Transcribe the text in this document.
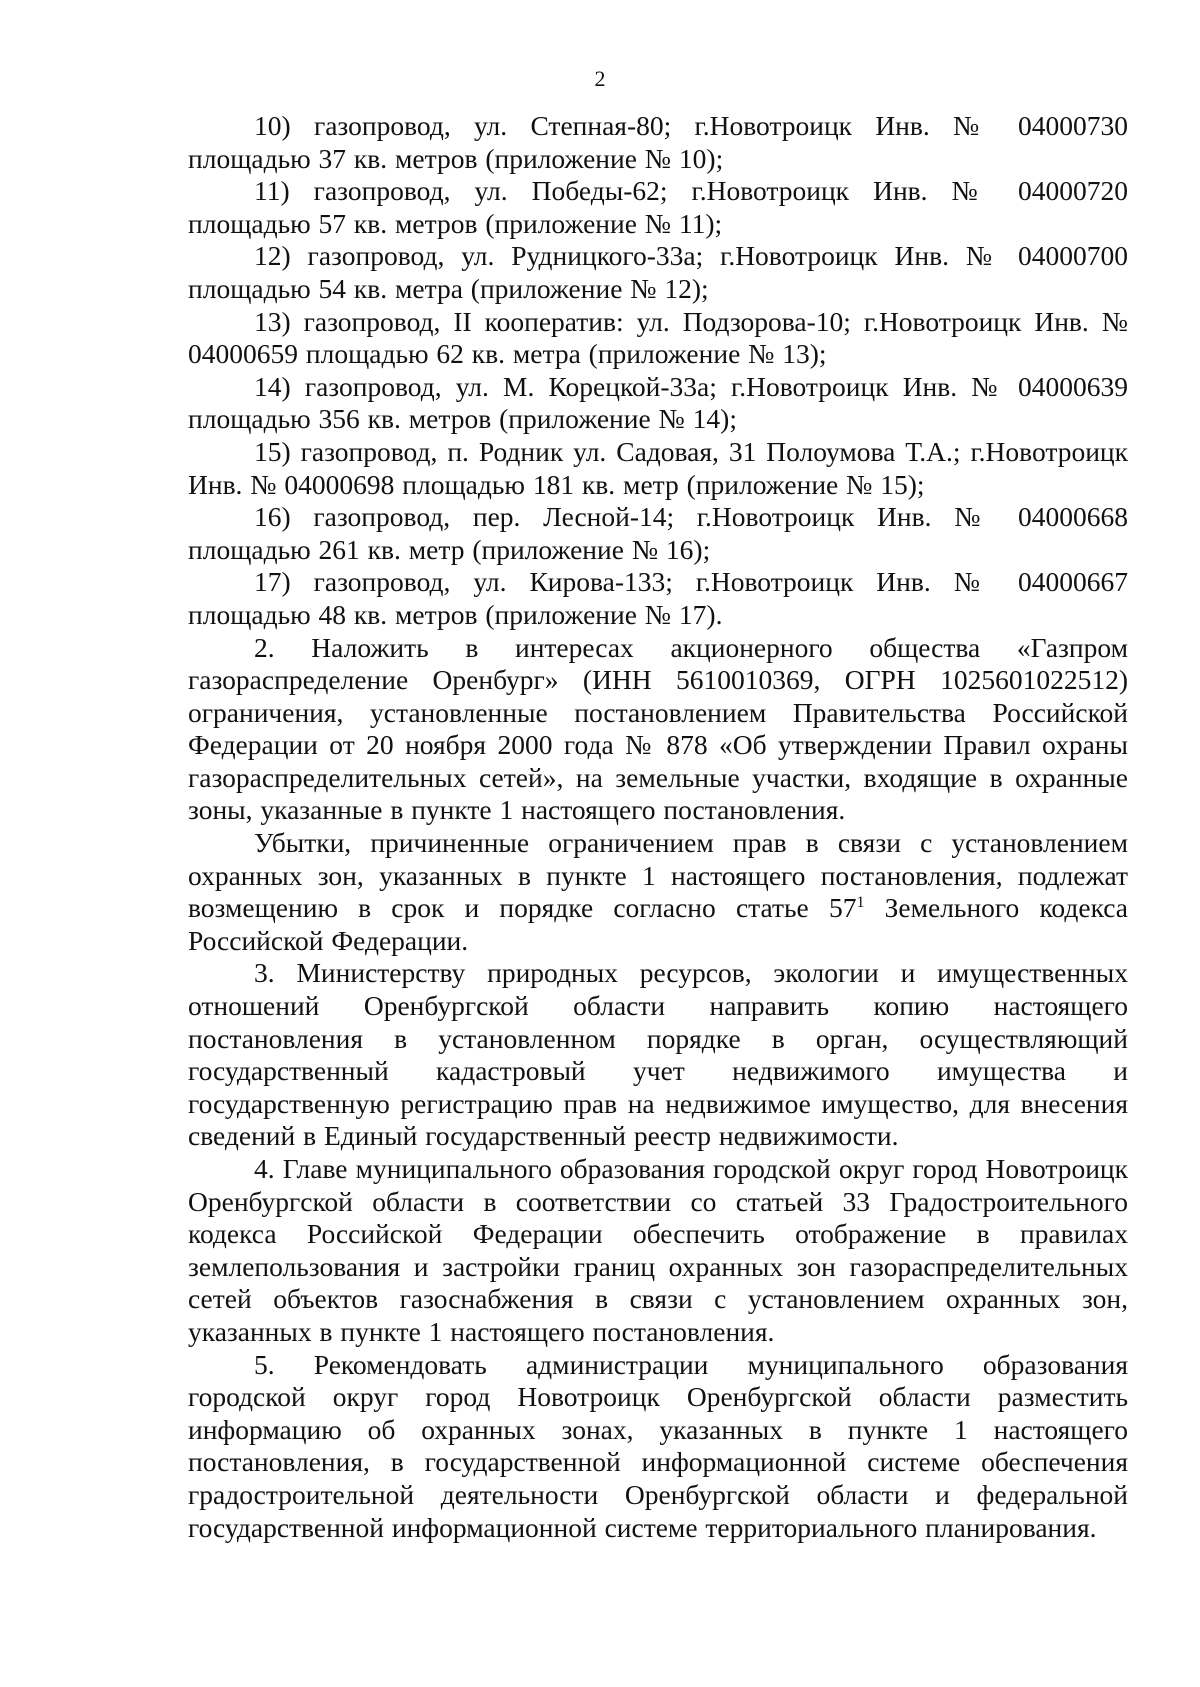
2

10) газопровод, ул. Степная-80; г.Новотроицк Инв. № 04000730 площадью 37 кв. метров (приложение № 10);

11) газопровод, ул. Победы-62; г.Новотроицк Инв. № 04000720 площадью 57 кв. метров (приложение № 11);

12) газопровод, ул. Рудницкого-33а; г.Новотроицк Инв. № 04000700 площадью 54 кв. метра (приложение № 12);

13) газопровод, II кооператив: ул. Подзорова-10; г.Новотроицк Инв. № 04000659 площадью 62 кв. метра (приложение № 13);

14) газопровод, ул. М. Корецкой-33а; г.Новотроицк Инв. № 04000639 площадью 356 кв. метров (приложение № 14);

15) газопровод, п. Родник ул. Садовая, 31 Полоумова Т.А.; г.Новотроицк Инв. № 04000698 площадью 181 кв. метр (приложение № 15);

16) газопровод, пер. Лесной-14; г.Новотроицк Инв. № 04000668 площадью 261 кв. метр (приложение № 16);

17) газопровод, ул. Кирова-133; г.Новотроицк Инв. № 04000667 площадью 48 кв. метров (приложение № 17).

2. Наложить в интересах акционерного общества «Газпром газораспределение Оренбург» (ИНН 5610010369, ОГРН 1025601022512) ограничения, установленные постановлением Правительства Российской Федерации от 20 ноября 2000 года № 878 «Об утверждении Правил охраны газораспределительных сетей», на земельные участки, входящие в охранные зоны, указанные в пункте 1 настоящего постановления.

Убытки, причиненные ограничением прав в связи с установлением охранных зон, указанных в пункте 1 настоящего постановления, подлежат возмещению в срок и порядке согласно статье $57^1$ Земельного кодекса Российской Федерации.

3. Министерству природных ресурсов, экологии и имущественных отношений Оренбургской области направить копию настоящего постановления в установленном порядке в орган, осуществляющий государственный кадастровый учет недвижимого имущества и государственную регистрацию прав на недвижимое имущество, для внесения сведений в Единый государственный реестр недвижимости.

4. Главе муниципального образования городской округ город Новотроицк Оренбургской области в соответствии со статьей 33 Градостроительного кодекса Российской Федерации обеспечить отображение в правилах землепользования и застройки границ охранных зон газораспределительных сетей объектов газоснабжения в связи с установлением охранных зон, указанных в пункте 1 настоящего постановления.

5. Рекомендовать администрации муниципального образования городской округ город Новотроицк Оренбургской области разместить информацию об охранных зонах, указанных в пункте 1 настоящего постановления, в государственной информационной системе обеспечения градостроительной деятельности Оренбургской области и федеральной государственной информационной системе территориального планирования.
